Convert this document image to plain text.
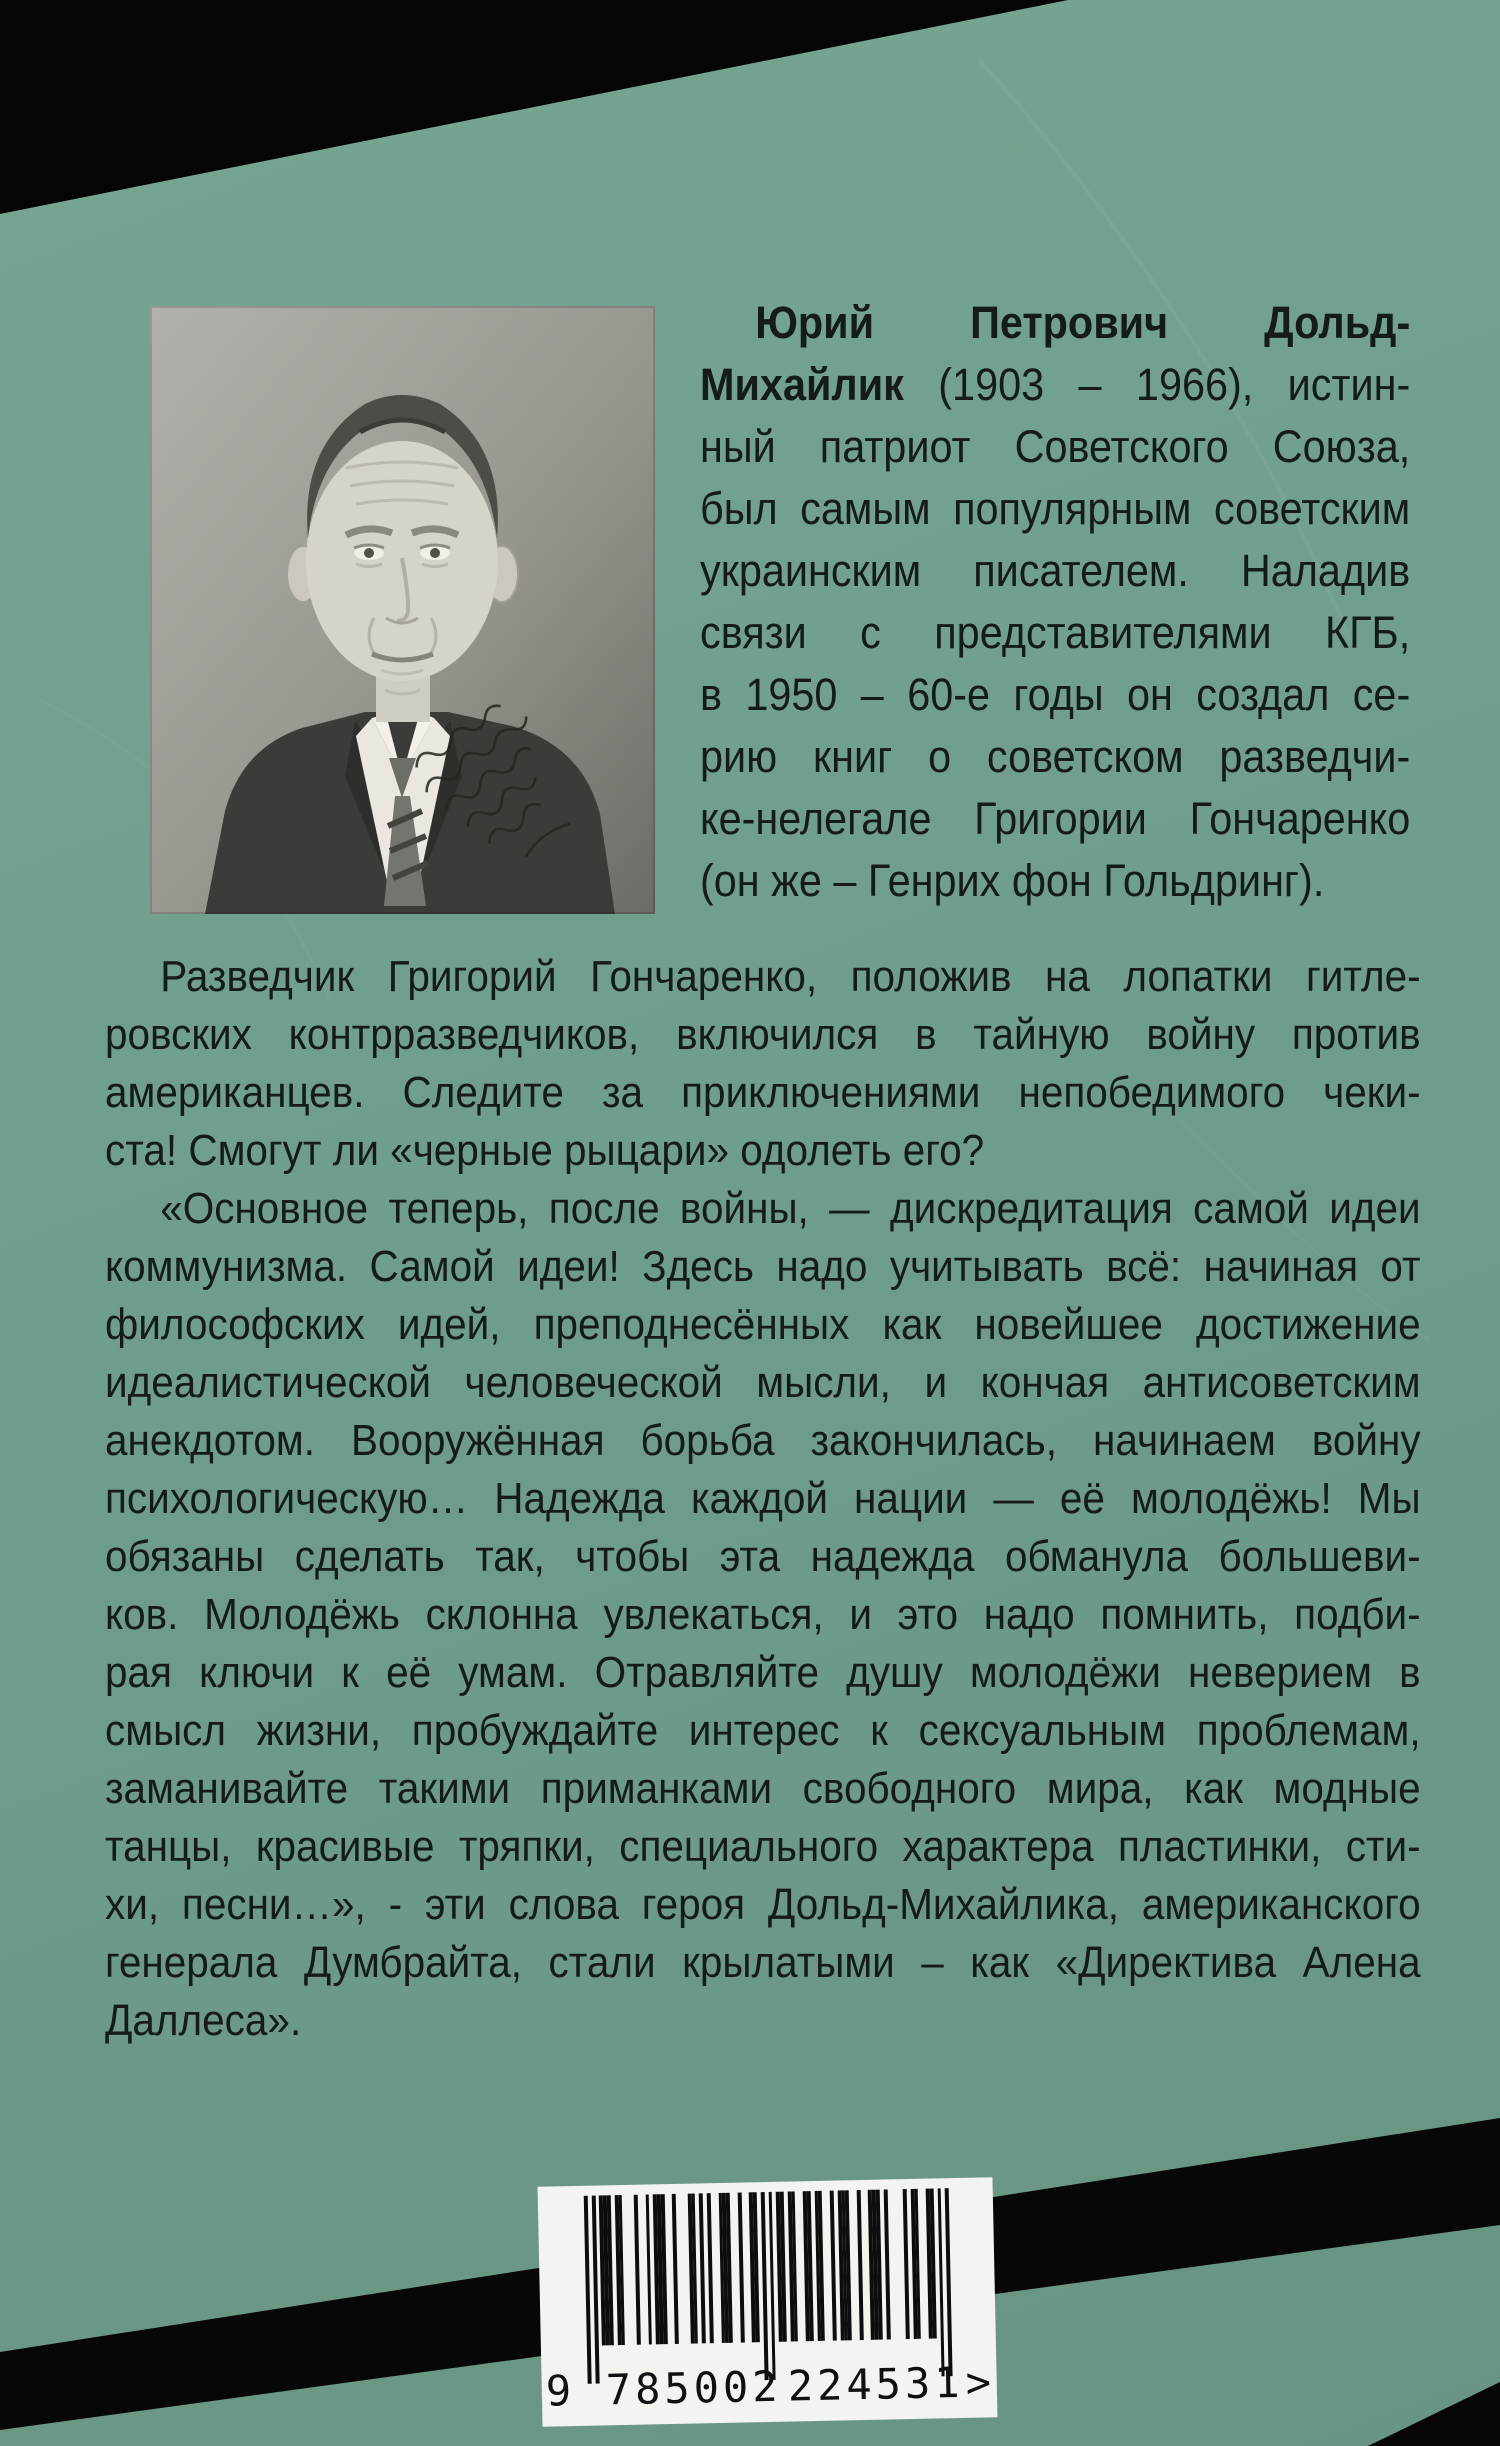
Юрий Петрович Дольд-
Михайлик (1903 – 1966), истин-
ный патриот Советского Союза,
был самым популярным советским
украинским писателем. Наладив
связи с представителями КГБ,
в 1950 – 60-е годы он создал се-
рию книг о советском разведчи-
ке-нелегале Григории Гончаренко
(он же – Генрих фон Гольдринг).
Разведчик Григорий Гончаренко, положив на лопатки гитле-
ровских контрразведчиков, включился в тайную войну против
американцев. Следите за приключениями непобедимого чеки-
ста! Смогут ли «черные рыцари» одолеть его?
«Основное теперь, после войны, — дискредитация самой идеи
коммунизма. Самой идеи! Здесь надо учитывать всё: начиная от
философских идей, преподнесённых как новейшее достижение
идеалистической человеческой мысли, и кончая антисоветским
анекдотом. Вооружённая борьба закончилась, начинаем войну
психологическую… Надежда каждой нации — её молодёжь! Мы
обязаны сделать так, чтобы эта надежда обманула большеви-
ков. Молодёжь склонна увлекаться, и это надо помнить, подби-
рая ключи к её умам. Отравляйте душу молодёжи неверием в
смысл жизни, пробуждайте интерес к сексуальным проблемам,
заманивайте такими приманками свободного мира, как модные
танцы, красивые тряпки, специального характера пластинки, сти-
хи, песни…», - эти слова героя Дольд-Михайлика, американского
генерала Думбрайта, стали крылатыми – как «Директива Алена
Даллеса».
9 785002 224531 >
